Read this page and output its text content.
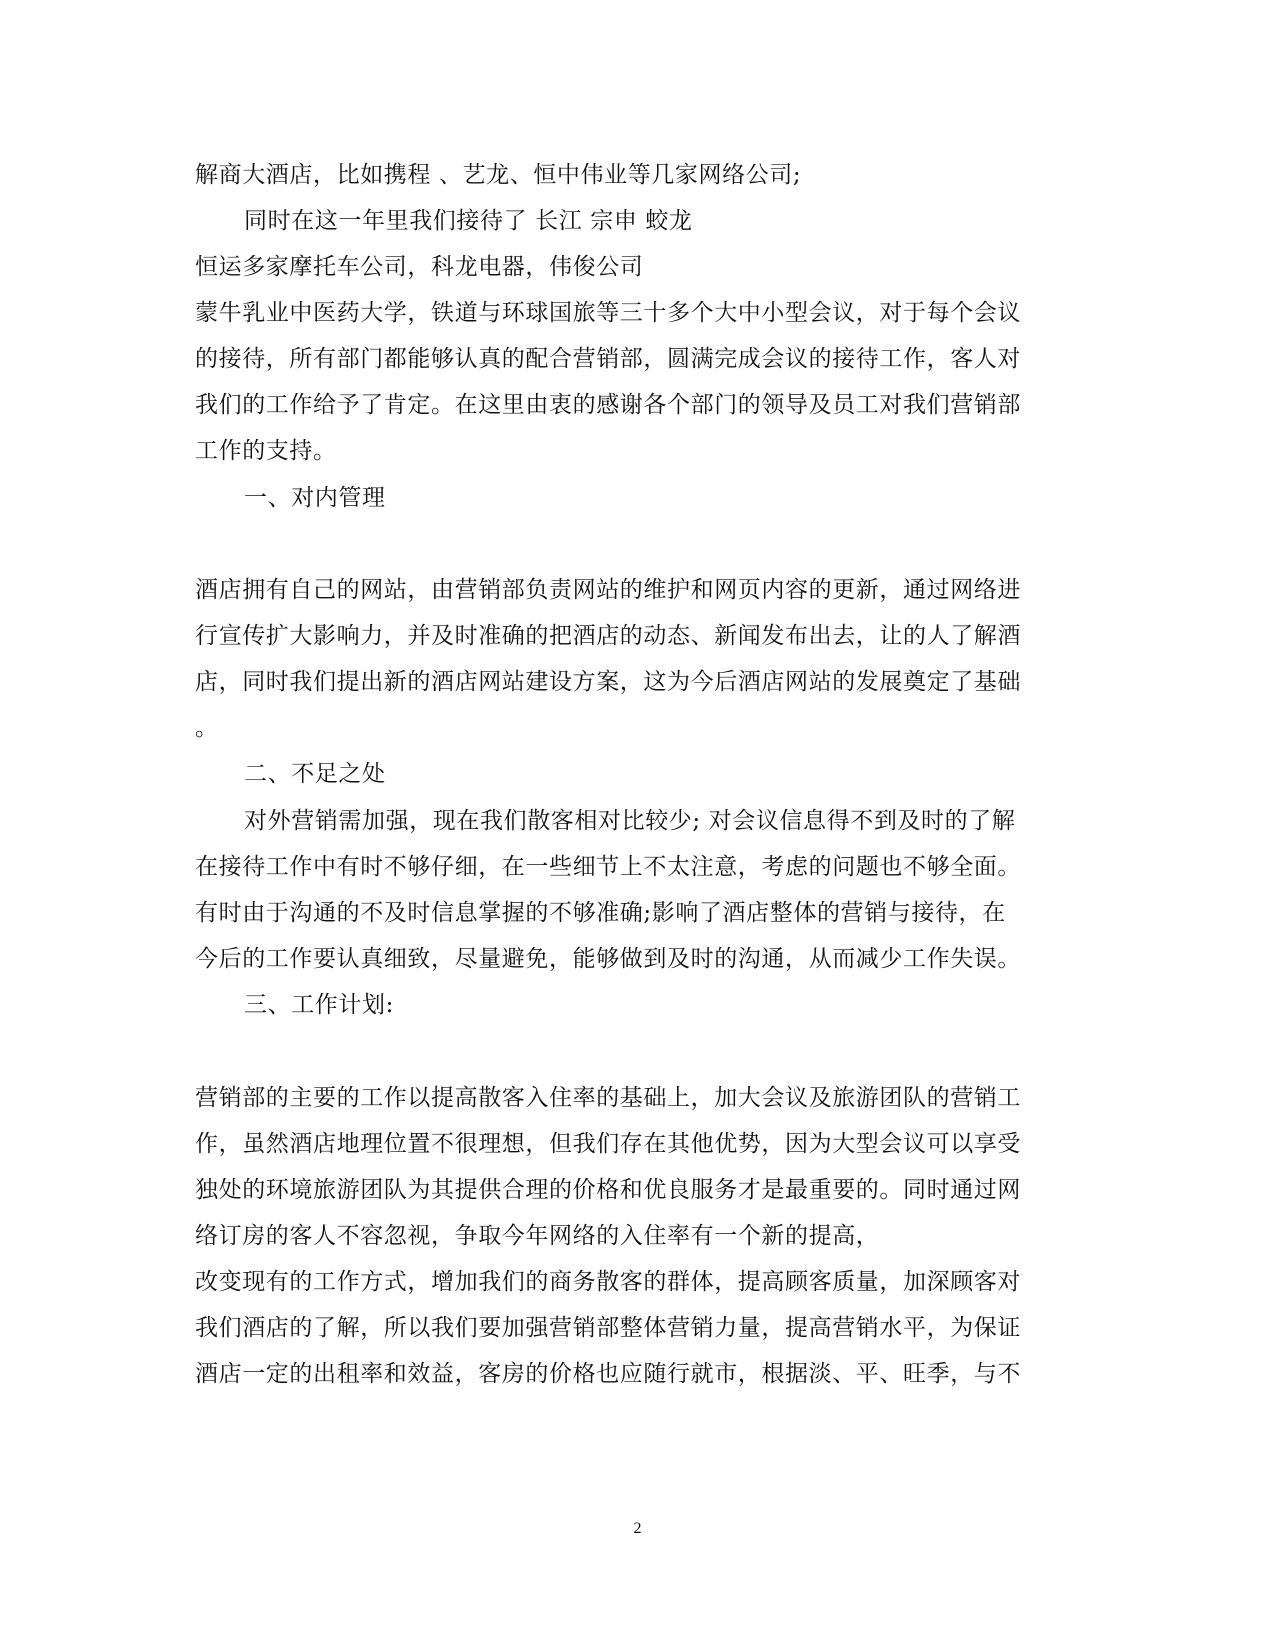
解商大酒店，比如携程 、艺龙、恒中伟业等几家网络公司;
同时在这一年里我们接待了 长江 宗申 蛟龙
恒运多家摩托车公司，科龙电器，伟俊公司
蒙牛乳业中医药大学，铁道与环球国旅等三十多个大中小型会议，对于每个会议
的接待，所有部门都能够认真的配合营销部，圆满完成会议的接待工作，客人对
我们的工作给予了肯定。在这里由衷的感谢各个部门的领导及员工对我们营销部
工作的支持。
一、对内管理
酒店拥有自己的网站，由营销部负责网站的维护和网页内容的更新，通过网络进
行宣传扩大影响力，并及时准确的把酒店的动态、新闻发布出去，让的人了解酒
店，同时我们提出新的酒店网站建设方案，这为今后酒店网站的发展奠定了基础
。
二、不足之处
对外营销需加强，现在我们散客相对比较少; 对会议信息得不到及时的了解
在接待工作中有时不够仔细，在一些细节上不太注意，考虑的问题也不够全面。
有时由于沟通的不及时信息掌握的不够准确;影响了酒店整体的营销与接待，在
今后的工作要认真细致，尽量避免，能够做到及时的沟通，从而减少工作失误。
三、工作计划:
营销部的主要的工作以提高散客入住率的基础上，加大会议及旅游团队的营销工
作，虽然酒店地理位置不很理想，但我们存在其他优势，因为大型会议可以享受
独处的环境旅游团队为其提供合理的价格和优良服务才是最重要的。同时通过网
络订房的客人不容忽视，争取今年网络的入住率有一个新的提高，
改变现有的工作方式，增加我们的商务散客的群体，提高顾客质量，加深顾客对
我们酒店的了解，所以我们要加强营销部整体营销力量，提高营销水平，为保证
酒店一定的出租率和效益，客房的价格也应随行就市，根据淡、平、旺季，与不
2
